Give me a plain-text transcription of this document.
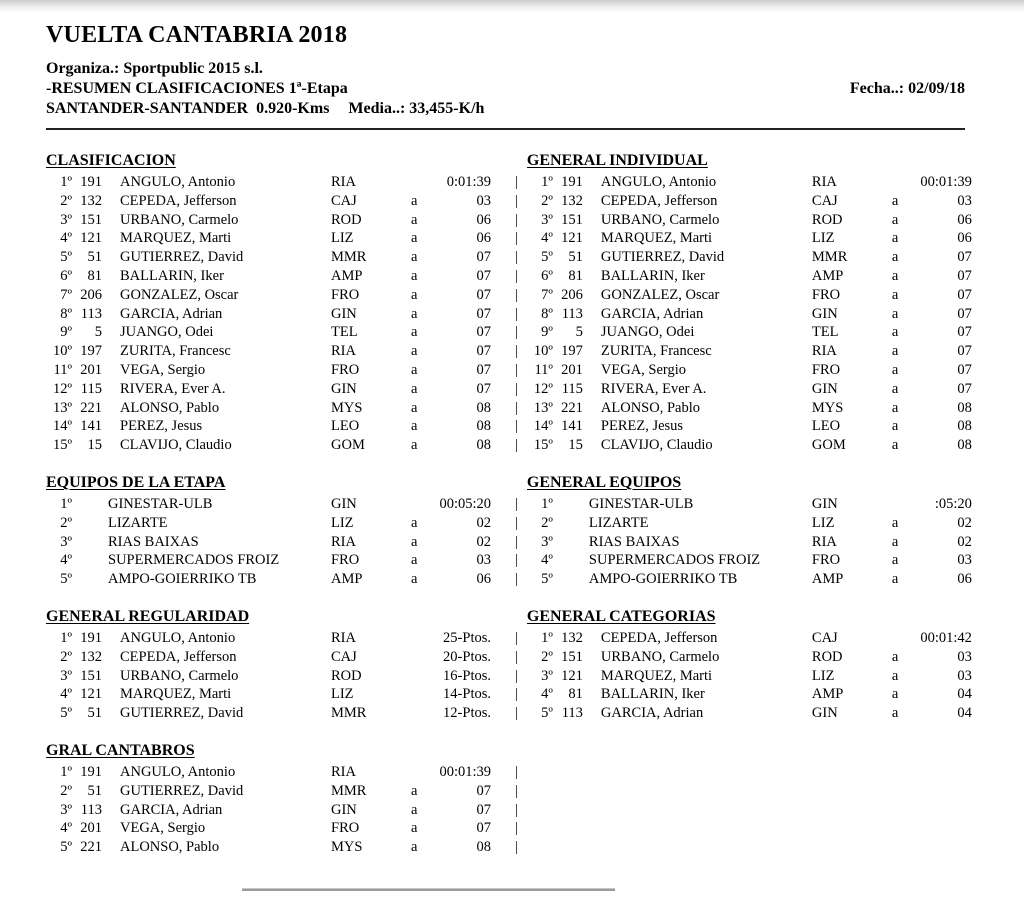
VUELTA CANTABRIA 2018
Organiza.: Sportpublic 2015 s.l.
-RESUMEN CLASIFICACIONES 1ª-Etapa	Fecha..: 02/09/18
SANTANDER-SANTANDER  0.920-Kms Media..: 33,455-K/h
CLASIFICACION	GENERAL INDIVIDUAL
1º 191 ANGULO, Antonio	RIA	0:01:39 |	1º 191 ANGULO, Antonio	RIA	00:01:39
2º 132 CEPEDA, Jefferson	CAJ	a	03 |	2º 132 CEPEDA, Jefferson	CAJ	a	03
3º 151 URBANO, Carmelo	ROD	a	06 |	3º 151 URBANO, Carmelo	ROD	a	06
4º 121 MARQUEZ, Marti	LIZ	a	06 |	4º 121 MARQUEZ, Marti	LIZ	a	06
5º	51 GUTIERREZ, David	MMR	a	07 |	5º	51 GUTIERREZ, David	MMR	a	07
6º	81 BALLARIN, Iker	AMP	a	07 |	6º	81 BALLARIN, Iker	AMP	a	07
7º 206 GONZALEZ, Oscar	FRO	a	07 |	7º 206 GONZALEZ, Oscar	FRO	a	07
8º 113 GARCIA, Adrian	GIN	a	07 |	8º 113 GARCIA, Adrian	GIN	a	07
9º	5 JUANGO, Odei	TEL	a	07 |	9º	5 JUANGO, Odei	TEL	a	07
10º 197 ZURITA, Francesc	RIA	a	07 |	10º 197 ZURITA, Francesc	RIA	a	07
11º 201 VEGA, Sergio	FRO	a	07 |	11º 201 VEGA, Sergio	FRO	a	07
12º 115 RIVERA, Ever A.	GIN	a	07 |	12º 115 RIVERA, Ever A.	GIN	a	07
13º 221 ALONSO, Pablo	MYS	a	08 |	13º 221 ALONSO, Pablo	MYS	a	08
14º 141 PEREZ, Jesus	LEO	a	08 |	14º 141 PEREZ, Jesus	LEO	a	08
15º	15 CLAVIJO, Claudio	GOM	a	08 |	15º	15 CLAVIJO, Claudio	GOM	a	08
EQUIPOS DE LA ETAPA	GENERAL EQUIPOS
1º GINESTAR-ULB	GIN	00:05:20 |	1º GINESTAR-ULB	GIN	:05:20
2º LIZARTE	LIZ	a	02 |	2º LIZARTE	LIZ	a	02
3º RIAS BAIXAS	RIA	a	02 |	3º RIAS BAIXAS	RIA	a	02
4º SUPERMERCADOS FROIZ	FRO	a	03 |	4º SUPERMERCADOS FROIZ	FRO	a	03
5º AMPO-GOIERRIKO TB	AMP	a	06 |	5º AMPO-GOIERRIKO TB	AMP	a	06
GENERAL REGULARIDAD	GENERAL CATEGORIAS
1º 191 ANGULO, Antonio	RIA	25-Ptos. |	1º 132 CEPEDA, Jefferson	CAJ	00:01:42
2º 132 CEPEDA, Jefferson	CAJ	20-Ptos. |	2º 151 URBANO, Carmelo	ROD	a	03
3º 151 URBANO, Carmelo	ROD	16-Ptos. |	3º 121 MARQUEZ, Marti	LIZ	a	03
4º 121 MARQUEZ, Marti	LIZ	14-Ptos. |	4º	81 BALLARIN, Iker	AMP	a	04
5º	51 GUTIERREZ, David	MMR	12-Ptos. |	5º 113 GARCIA, Adrian	GIN	a	04
GRAL CANTABROS
1º 191 ANGULO, Antonio	RIA	00:01:39 |
2º	51 GUTIERREZ, David	MMR	a	07 |
3º 113 GARCIA, Adrian	GIN	a	07 |
4º 201 VEGA, Sergio	FRO	a	07 |
5º 221 ALONSO, Pablo	MYS	a	08 |
